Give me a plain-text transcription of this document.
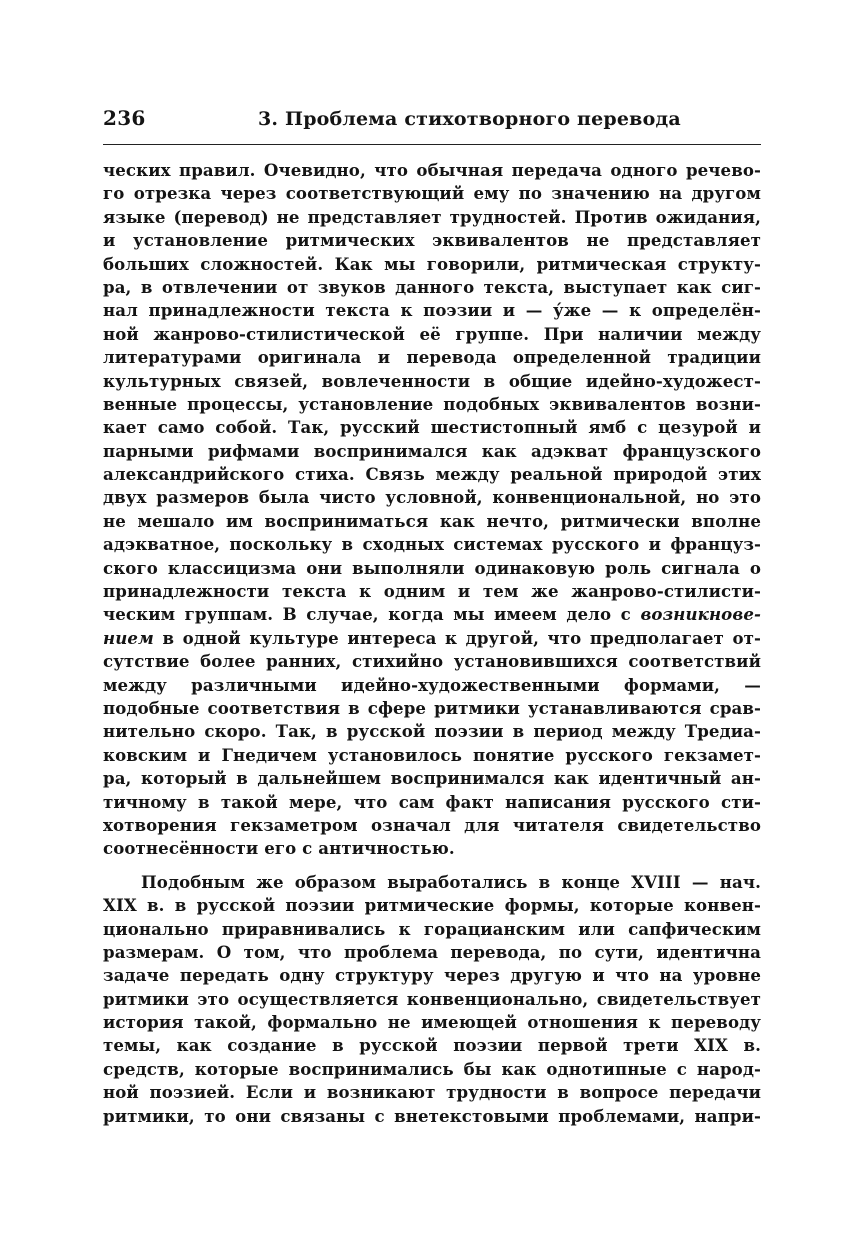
236	3. Проблема стихотворного перевода
ческих правил. Очевидно, что обычная передача одного речево-
го отрезка через соответствующий ему по значению на другом
языке (перевод) не представляет трудностей. Против ожидания,
и установление ритмических эквивалентов не представляет
больших сложностей. Как мы говорили, ритмическая структу-
ра, в отвлечении от звуков данного текста, выступает как сиг-
нал принадлежности текста к поэзии и — у́же — к определён-
ной жанрово-стилистической её группе. При наличии между
литературами оригинала и перевода определенной традиции
культурных связей, вовлеченности в общие идейно-художест-
венные процессы, установление подобных эквивалентов возни-
кает само собой. Так, русский шестистопный ямб с цезурой и
парными рифмами воспринимался как адэкват французского
александрийского стиха. Связь между реальной природой этих
двух размеров была чисто условной, конвенциональной, но это
не мешало им восприниматься как нечто, ритмически вполне
адэкватное, поскольку в сходных системах русского и француз-
ского классицизма они выполняли одинаковую роль сигнала о
принадлежности текста к одним и тем же жанрово-стилисти-
ческим группам. В случае, когда мы имеем дело с возникнове-
нием в одной культуре интереса к другой, что предполагает от-
сутствие более ранних, стихийно установившихся соответствий
между различными идейно-художественными формами, —
подобные соответствия в сфере ритмики устанавливаются срав-
нительно скоро. Так, в русской поэзии в период между Тредиа-
ковским и Гнедичем установилось понятие русского гекзамет-
ра, который в дальнейшем воспринимался как идентичный ан-
тичному в такой мере, что сам факт написания русского сти-
хотворения гекзаметром означал для читателя свидетельство
соотнесённости его с античностью.
Подобным же образом выработались в конце XVIII — нач.
XIX в. в русской поэзии ритмические формы, которые конвен-
ционально приравнивались к горацианским или сапфическим
размерам. О том, что проблема перевода, по сути, идентична
задаче передать одну структуру через другую и что на уровне
ритмики это осуществляется конвенционально, свидетельствует
история такой, формально не имеющей отношения к переводу
темы, как создание в русской поэзии первой трети XIX в.
средств, которые воспринимались бы как однотипные с народ-
ной поэзией. Если и возникают трудности в вопросе передачи
ритмики, то они связаны с внетекстовыми проблемами, напри-
